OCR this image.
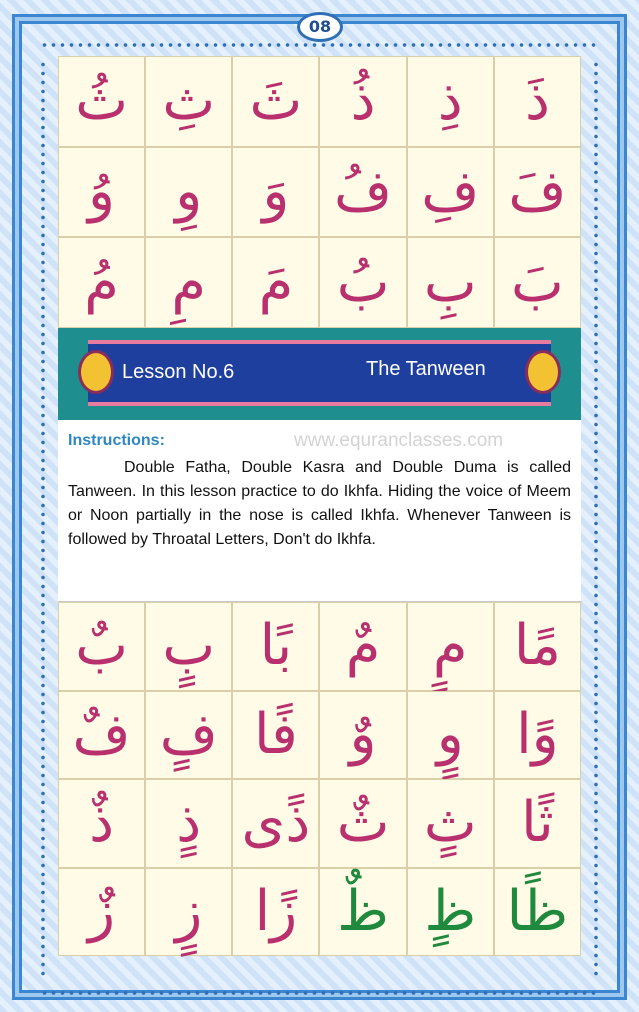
08
ثُ ثِ ثَ ذُ ذِ ذَ
وُ وِ وَ فُ فِ فَ
مُ مِ مَ بُ بِ بَ
Lesson No.6	The Tanween
Instructions:	www.equranclasses.com
Double Fatha, Double Kasra and Double Duma is called Tanween. In this lesson practice to do Ikhfa. Hiding the voice of Meem or Noon partially in the nose is called Ikhfa. Whenever Tanween is followed by Throatal Letters, Don't do Ikhfa.
بٌ بٍ بًا مٌ مٍ مًا
فٌ فٍ فًا وٌ وٍ وًا
ذٌ ذٍ ذًى ثٌ ثٍ ثًا
زٌ زٍ زًا ظٌ ظٍ ظًا
